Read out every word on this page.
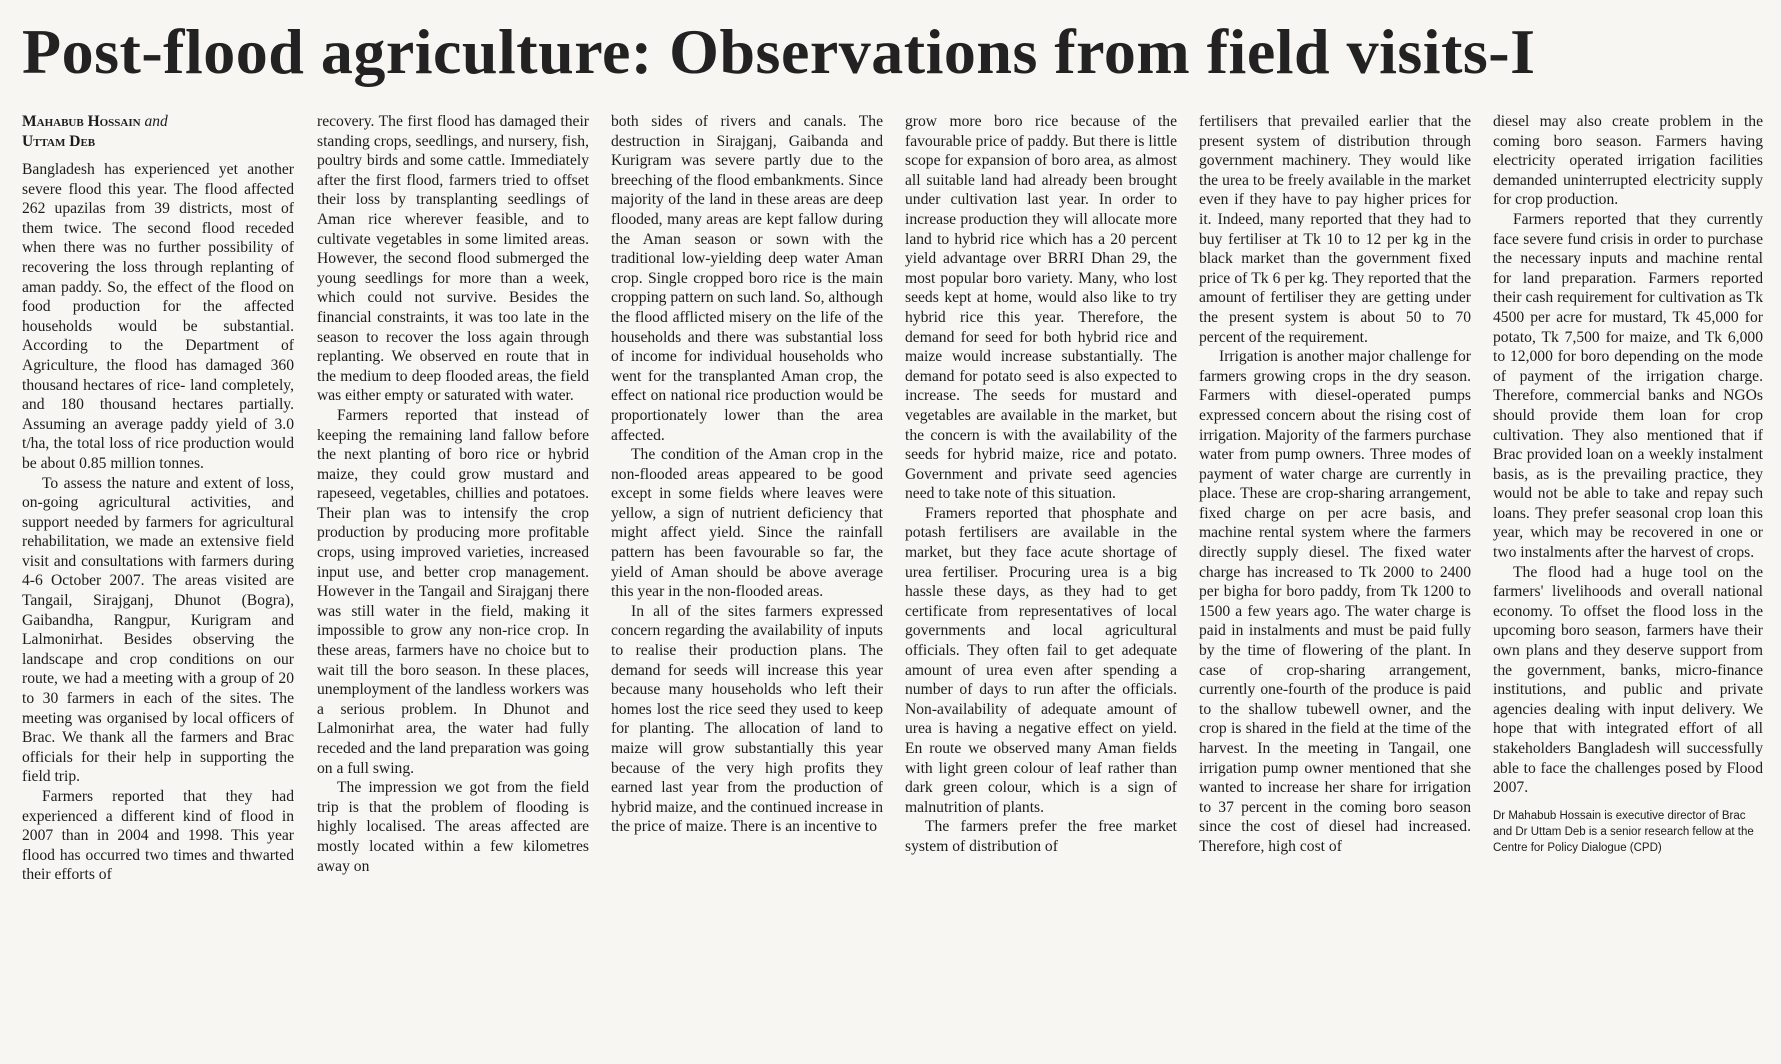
Post-flood agriculture: Observations from field visits-I
Mahabub Hossain and
Uttam Deb

Bangladesh has experienced yet another severe flood this year. The flood affected 262 upazilas from 39 districts, most of them twice. The second flood receded when there was no further possibility of recovering the loss through replanting of aman paddy. So, the effect of the flood on food production for the affected households would be substantial. According to the Department of Agriculture, the flood has damaged 360 thousand hectares of rice- land completely, and 180 thousand hectares partially. Assuming an average paddy yield of 3.0 t/ha, the total loss of rice production would be about 0.85 million tonnes.

To assess the nature and extent of loss, on-going agricultural activities, and support needed by farmers for agricultural rehabilitation, we made an extensive field visit and consultations with farmers during 4-6 October 2007. The areas visited are Tangail, Sirajganj, Dhunot (Bogra), Gaibandha, Rangpur, Kurigram and Lalmonirhat. Besides observing the landscape and crop conditions on our route, we had a meeting with a group of 20 to 30 farmers in each of the sites. The meeting was organised by local officers of Brac. We thank all the farmers and Brac officials for their help in supporting the field trip.

Farmers reported that they had experienced a different kind of flood in 2007 than in 2004 and 1998. This year flood has occurred two times and thwarted their efforts of

recovery. The first flood has damaged their standing crops, seedlings, and nursery, fish, poultry birds and some cattle. Immediately after the first flood, farmers tried to offset their loss by transplanting seedlings of Aman rice wherever feasible, and to cultivate vegetables in some limited areas. However, the second flood submerged the young seedlings for more than a week, which could not survive. Besides the financial constraints, it was too late in the season to recover the loss again through replanting. We observed en route that in the medium to deep flooded areas, the field was either empty or saturated with water.

Farmers reported that instead of keeping the remaining land fallow before the next planting of boro rice or hybrid maize, they could grow mustard and rapeseed, vegetables, chillies and potatoes. Their plan was to intensify the crop production by producing more profitable crops, using improved varieties, increased input use, and better crop management. However in the Tangail and Sirajganj there was still water in the field, making it impossible to grow any non-rice crop. In these areas, farmers have no choice but to wait till the boro season. In these places, unemployment of the landless workers was a serious problem. In Dhunot and Lalmonirhat area, the water had fully receded and the land preparation was going on a full swing.

The impression we got from the field trip is that the problem of flooding is highly localised. The areas affected are mostly located within a few kilometres away on

both sides of rivers and canals. The destruction in Sirajganj, Gaibanda and Kurigram was severe partly due to the breeching of the flood embankments. Since majority of the land in these areas are deep flooded, many areas are kept fallow during the Aman season or sown with the traditional low-yielding deep water Aman crop. Single cropped boro rice is the main cropping pattern on such land. So, although the flood afflicted misery on the life of the households and there was substantial loss of income for individual households who went for the transplanted Aman crop, the effect on national rice production would be proportionately lower than the area affected.

The condition of the Aman crop in the non-flooded areas appeared to be good except in some fields where leaves were yellow, a sign of nutrient deficiency that might affect yield. Since the rainfall pattern has been favourable so far, the yield of Aman should be above average this year in the non-flooded areas.

In all of the sites farmers expressed concern regarding the availability of inputs to realise their production plans. The demand for seeds will increase this year because many households who left their homes lost the rice seed they used to keep for planting. The allocation of land to maize will grow substantially this year because of the very high profits they earned last year from the production of hybrid maize, and the continued increase in the price of maize. There is an incentive to

grow more boro rice because of the favourable price of paddy. But there is little scope for expansion of boro area, as almost all suitable land had already been brought under cultivation last year. In order to increase production they will allocate more land to hybrid rice which has a 20 percent yield advantage over BRRI Dhan 29, the most popular boro variety. Many, who lost seeds kept at home, would also like to try hybrid rice this year. Therefore, the demand for seed for both hybrid rice and maize would increase substantially. The demand for potato seed is also expected to increase. The seeds for mustard and vegetables are available in the market, but the concern is with the availability of the seeds for hybrid maize, rice and potato. Government and private seed agencies need to take note of this situation.

Framers reported that phosphate and potash fertilisers are available in the market, but they face acute shortage of urea fertiliser. Procuring urea is a big hassle these days, as they had to get certificate from representatives of local governments and local agricultural officials. They often fail to get adequate amount of urea even after spending a number of days to run after the officials. Non-availability of adequate amount of urea is having a negative effect on yield. En route we observed many Aman fields with light green colour of leaf rather than dark green colour, which is a sign of malnutrition of plants.

The farmers prefer the free market system of distribution of

fertilisers that prevailed earlier that the present system of distribution through government machinery. They would like the urea to be freely available in the market even if they have to pay higher prices for it. Indeed, many reported that they had to buy fertiliser at Tk 10 to 12 per kg in the black market than the government fixed price of Tk 6 per kg. They reported that the amount of fertiliser they are getting under the present system is about 50 to 70 percent of the requirement.

Irrigation is another major challenge for farmers growing crops in the dry season. Farmers with diesel-operated pumps expressed concern about the rising cost of irrigation. Majority of the farmers purchase water from pump owners. Three modes of payment of water charge are currently in place. These are crop-sharing arrangement, fixed charge on per acre basis, and machine rental system where the farmers directly supply diesel. The fixed water charge has increased to Tk 2000 to 2400 per bigha for boro paddy, from Tk 1200 to 1500 a few years ago. The water charge is paid in instalments and must be paid fully by the time of flowering of the plant. In case of crop-sharing arrangement, currently one-fourth of the produce is paid to the shallow tubewell owner, and the crop is shared in the field at the time of the harvest. In the meeting in Tangail, one irrigation pump owner mentioned that she wanted to increase her share for irrigation to 37 percent in the coming boro season since the cost of diesel had increased. Therefore, high cost of

diesel may also create problem in the coming boro season. Farmers having electricity operated irrigation facilities demanded uninterrupted electricity supply for crop production.

Farmers reported that they currently face severe fund crisis in order to purchase the necessary inputs and machine rental for land preparation. Farmers reported their cash requirement for cultivation as Tk 4500 per acre for mustard, Tk 45,000 for potato, Tk 7,500 for maize, and Tk 6,000 to 12,000 for boro depending on the mode of payment of the irrigation charge. Therefore, commercial banks and NGOs should provide them loan for crop cultivation. They also mentioned that if Brac provided loan on a weekly instalment basis, as is the prevailing practice, they would not be able to take and repay such loans. They prefer seasonal crop loan this year, which may be recovered in one or two instalments after the harvest of crops.

The flood had a huge tool on the farmers' livelihoods and overall national economy. To offset the flood loss in the upcoming boro season, farmers have their own plans and they deserve support from the government, banks, micro-finance institutions, and public and private agencies dealing with input delivery. We hope that with integrated effort of all stakeholders Bangladesh will successfully able to face the challenges posed by Flood 2007.

Dr Mahabub Hossain is executive director of Brac and Dr Uttam Deb is a senior research fellow at the Centre for Policy Dialogue (CPD)
